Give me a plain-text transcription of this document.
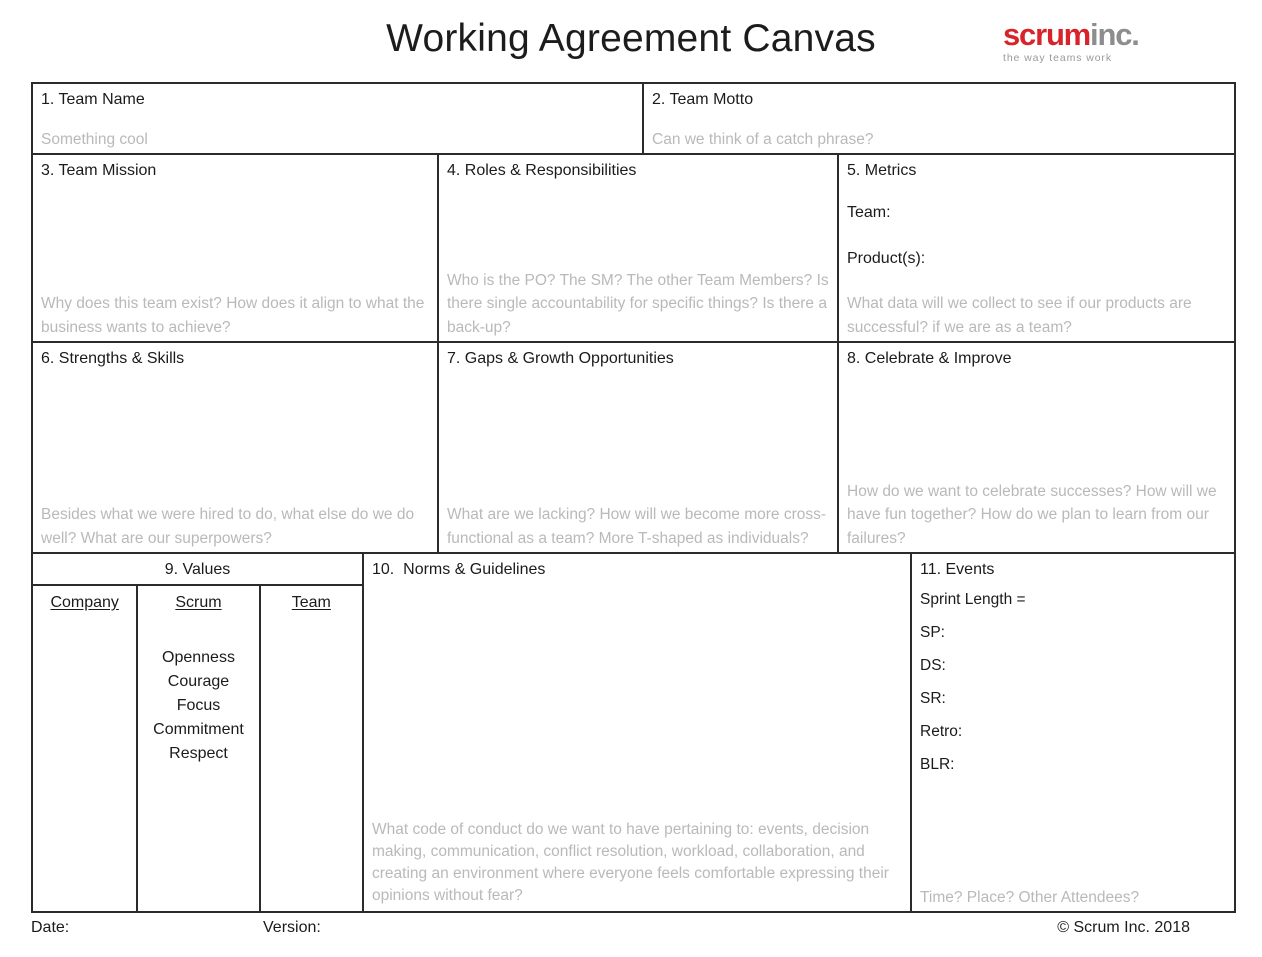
Working Agreement Canvas	scruminc.
the way teams work
1. Team Name
Something cool
2. Team Motto
Can we think of a catch phrase?
3. Team Mission
Why does this team exist? How does it align to what the business wants to achieve?
4. Roles & Responsibilities
Who is the PO? The SM? The other Team Members? Is there single accountability for specific things? Is there a back-up?
5. Metrics
Team:
Product(s):
What data will we collect to see if our products are successful? if we are as a team?
6. Strengths & Skills
Besides what we were hired to do, what else do we do well? What are our superpowers?
7. Gaps & Growth Opportunities
What are we lacking? How will we become more cross-functional as a team? More T-shaped as individuals?
8. Celebrate & Improve
How do we want to celebrate successes? How will we have fun together? How do we plan to learn from our failures?
9. Values
Company	Scrum
Openness
Courage
Focus
Commitment
Respect
Team
10.  Norms & Guidelines
What code of conduct do we want to have pertaining to: events, decision making, communication, conflict resolution, workload, collaboration, and creating an environment where everyone feels comfortable expressing their opinions without fear?
11. Events
Sprint Length =
SP:
DS:
SR:
Retro:
BLR:
Time? Place? Other Attendees?
Date:	Version:	© Scrum Inc. 2018
